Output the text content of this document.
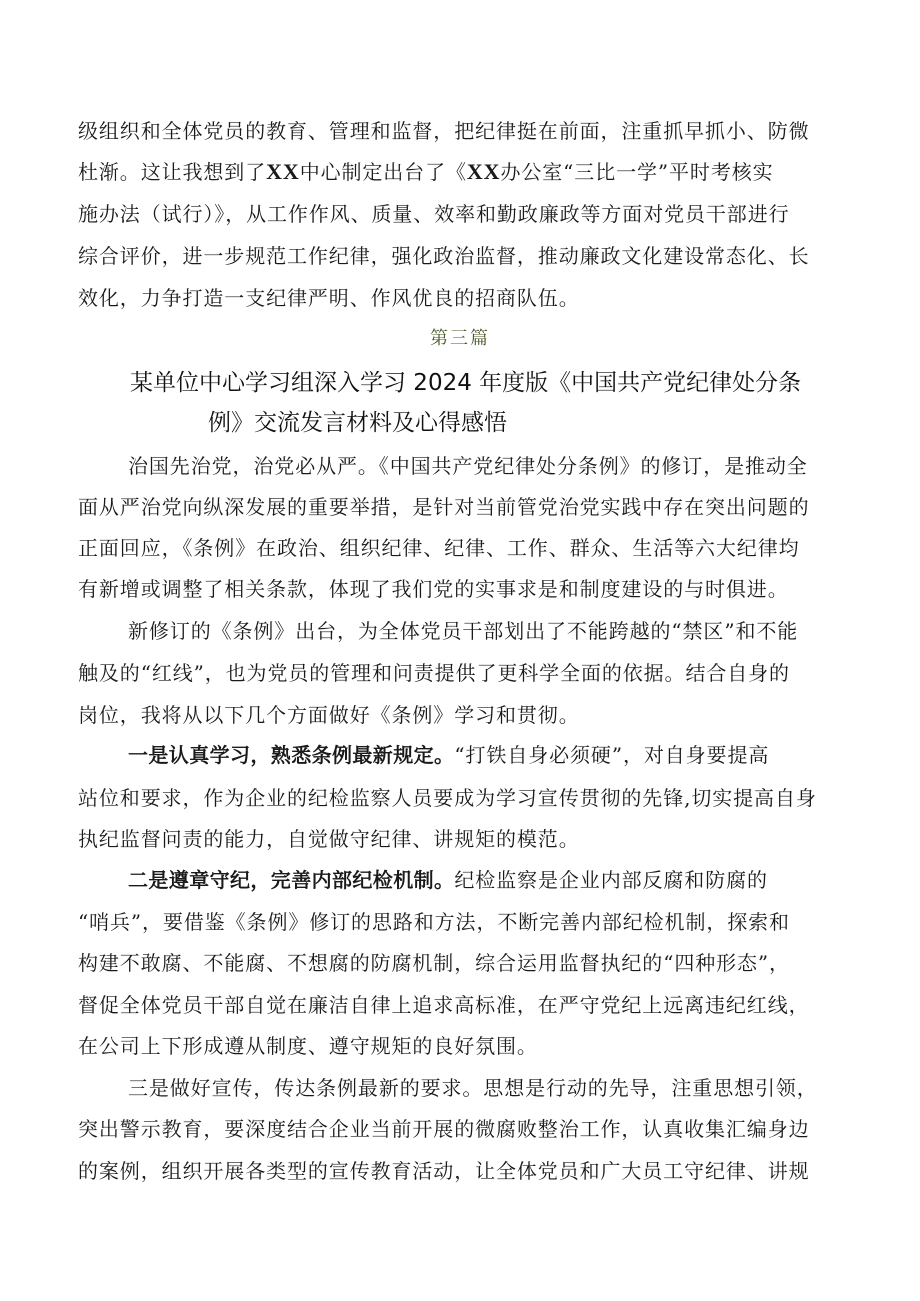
级组织和全体党员的教育、管理和监督，把纪律挺在前面，注重抓早抓小、防微
杜渐。这让我想到了XX中心制定出台了《XX办公室“三比一学”平时考核实
施办法（试行）》，从工作作风、质量、效率和勤政廉政等方面对党员干部进行
综合评价，进一步规范工作纪律，强化政治监督，推动廉政文化建设常态化、长
效化，力争打造一支纪律严明、作风优良的招商队伍。
第三篇
某单位中心学习组深入学习 2024 年度版《中国共产党纪律处分条
例》交流发言材料及心得感悟
治国先治党，治党必从严。《中国共产党纪律处分条例》的修订，是推动全
面从严治党向纵深发展的重要举措，是针对当前管党治党实践中存在突出问题的
正面回应，《条例》在政治、组织纪律、纪律、工作、群众、生活等六大纪律均
有新增或调整了相关条款，体现了我们党的实事求是和制度建设的与时俱进。
新修订的《条例》出台，为全体党员干部划出了不能跨越的“禁区”和不能
触及的“红线”，也为党员的管理和问责提供了更科学全面的依据。结合自身的
岗位，我将从以下几个方面做好《条例》学习和贯彻。
一是认真学习，熟悉条例最新规定。“打铁自身必须硬”，对自身要提高
站位和要求，作为企业的纪检监察人员要成为学习宣传贯彻的先锋,切实提高自身
执纪监督问责的能力，自觉做守纪律、讲规矩的模范。
二是遵章守纪，完善内部纪检机制。纪检监察是企业内部反腐和防腐的
“哨兵”，要借鉴《条例》修订的思路和方法，不断完善内部纪检机制，探索和
构建不敢腐、不能腐、不想腐的防腐机制，综合运用监督执纪的“四种形态”，
督促全体党员干部自觉在廉洁自律上追求高标准，在严守党纪上远离违纪红线，
在公司上下形成遵从制度、遵守规矩的良好氛围。
三是做好宣传，传达条例最新的要求。思想是行动的先导，注重思想引领，
突出警示教育，要深度结合企业当前开展的微腐败整治工作，认真收集汇编身边
的案例，组织开展各类型的宣传教育活动，让全体党员和广大员工守纪律、讲规
